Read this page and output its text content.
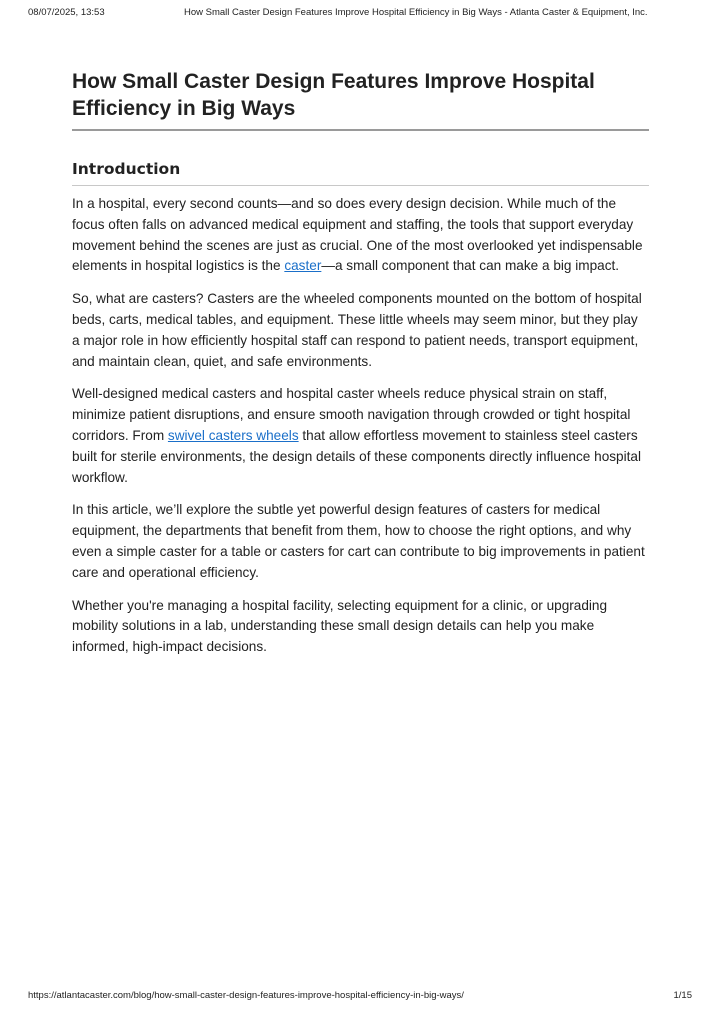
08/07/2025, 13:53	How Small Caster Design Features Improve Hospital Efficiency in Big Ways - Atlanta Caster & Equipment, Inc.
How Small Caster Design Features Improve Hospital Efficiency in Big Ways
Introduction

In a hospital, every second counts—and so does every design decision. While much of the focus often falls on advanced medical equipment and staffing, the tools that support everyday movement behind the scenes are just as crucial. One of the most overlooked yet indispensable elements in hospital logistics is the caster—a small component that can make a big impact.

So, what are casters? Casters are the wheeled components mounted on the bottom of hospital beds, carts, medical tables, and equipment. These little wheels may seem minor, but they play a major role in how efficiently hospital staff can respond to patient needs, transport equipment, and maintain clean, quiet, and safe environments.

Well-designed medical casters and hospital caster wheels reduce physical strain on staff, minimize patient disruptions, and ensure smooth navigation through crowded or tight hospital corridors. From swivel casters wheels that allow effortless movement to stainless steel casters built for sterile environments, the design details of these components directly influence hospital workflow.

In this article, we’ll explore the subtle yet powerful design features of casters for medical equipment, the departments that benefit from them, how to choose the right options, and why even a simple caster for a table or casters for cart can contribute to big improvements in patient care and operational efficiency.

Whether you're managing a hospital facility, selecting equipment for a clinic, or upgrading mobility solutions in a lab, understanding these small design details can help you make informed, high-impact decisions.

https://atlantacaster.com/blog/how-small-caster-design-features-improve-hospital-efficiency-in-big-ways/	1/15
